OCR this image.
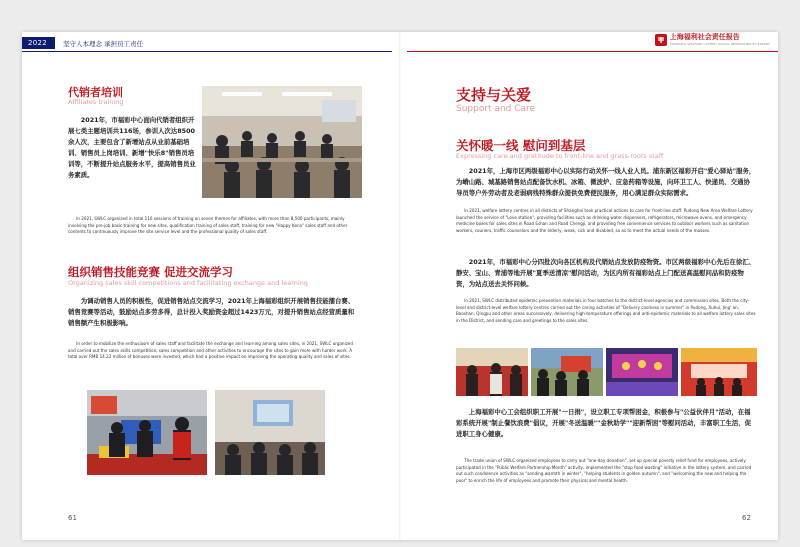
2022	坚守人本理念 承担员工责任
代销者培训
Affiliates training

2021年，市福彩中心面向代销者组织开展七类主题培训共116场，参训人次达8500余人次，主要包含了新增站点从业前基础培训、销售员上岗培训、新增"快乐8"销售员培训等，不断提升站点服务水平，提高销售员业务素质。

In 2021, SWLC organized in total 116 sessions of training on seven themes for affiliates, with more than 8,500 participants, mainly involving the pre-job basic training for new sites, qualification training of sales staff, training for new "Happy Keno" sales staff and other contents to continuously improve the site service level and the professional quality of sales staff.

组织销售技能竞赛 促进交流学习
Organizing sales skill competitions and facilitating exchange and learning

为调动销售人员的积极性，促进销售站点交流学习，2021年上海福彩组织开展销售技能擂台赛、销售竞赛等活动，鼓励站点多劳多得，总计投入奖励资金超过1423万元，对提升销售站点经营质量和销售额产生积极影响。

In order to mobilize the enthusiasm of sales staff and facilitate the exchange and learning among sales sites, in 2021, SWLC organized and carried out the sales skills competition, sales competition and other activities to encourage the sites to gain more with harder work. A total over RMB 14.23 million of bonuses were invested, which had a positive impact on improving the operating quality and sales of sites.

61
上海福利社会责任报告
SHANGHAI WELFARE LOTTERY SOCIAL RESPONSIBILITY REPORT
支持与关爱
Support and Care
关怀暖一线 慰问到基层
Expressing care and gratitude to front-line and grass-roots staff

2021年，上海市区两级福彩中心以实际行动关怀一线人业人员。浦东新区福彩开启"爱心驿站"服务，为嵴山路、城基路销售站点配备饮水机、冰箱、微波炉、应急药箱等设施，向环卫工人、快递员、交通协导员等户外劳动者及老弱病残特殊群众提供免费便民服务，用心满足群众实际需求。

In 2021, welfare lottery centres in all districts of Shanghai took practical actions to care for front-line staff. Pudong New Area Welfare Lottery launched the service of "Love station", providing facilities such as drinking water dispensers, refrigerators, microwave ovens, and emergency medicine boxes for sales sites in Road Eshan and Road Chengji, and providing free convenience services to outdoor workers such as sanitation workers, couriers, traffic counselors and the elderly, weak, sick and disabled, so as to meet the actual needs of the masses.

2021年，市福彩中心分四批次向各区机构及代销站点发放防疫物资。市区两级福彩中心先后在徐汇、静安、宝山、青浦等地开展"夏季送清凉"慰问活动，为区内所有福彩站点上门配送高温慰问品和防疫物资，为站点送去关怀问候。

In 2021, SWLC distributed epidemic prevention materials in four batches to the district-level agencies and commission sites. Both the city-level and district-level welfare lottery centres carried out the caring activities of "Delivery coolness in summer" in Pudong, Xuhui, Jing' an, Baoshan, Qingpu and other areas successively, delivering high-temperature offerings and anti-epidemic materials to all welfare lottery sales sites in the District, and sending care and greetings to the sales sites.

上海福彩中心工会组织职工开展"一日捐"，设立职工专项帮困金，积极参与"公益伙伴月"活动，在福彩系统开展"制止餐饮浪费"倡议，开展"冬送温暖""金秋助学""迎新帮困"等慰问活动，丰富职工生活，促进职工身心健康。

The trade union of SWLC organized employees to carry out "one-day donation", set up special poverty relief fund for employees, actively participated in the "Public Welfare Partnership Month" activity, implemented the "stop food wasting" initiative in the lottery system, and carried out such condolence activities as "sending warmth in winter", "helping students in golden autumn", and "welcoming the new and helping the poor" to enrich the life of employees and promote their physical and mental health.

62
